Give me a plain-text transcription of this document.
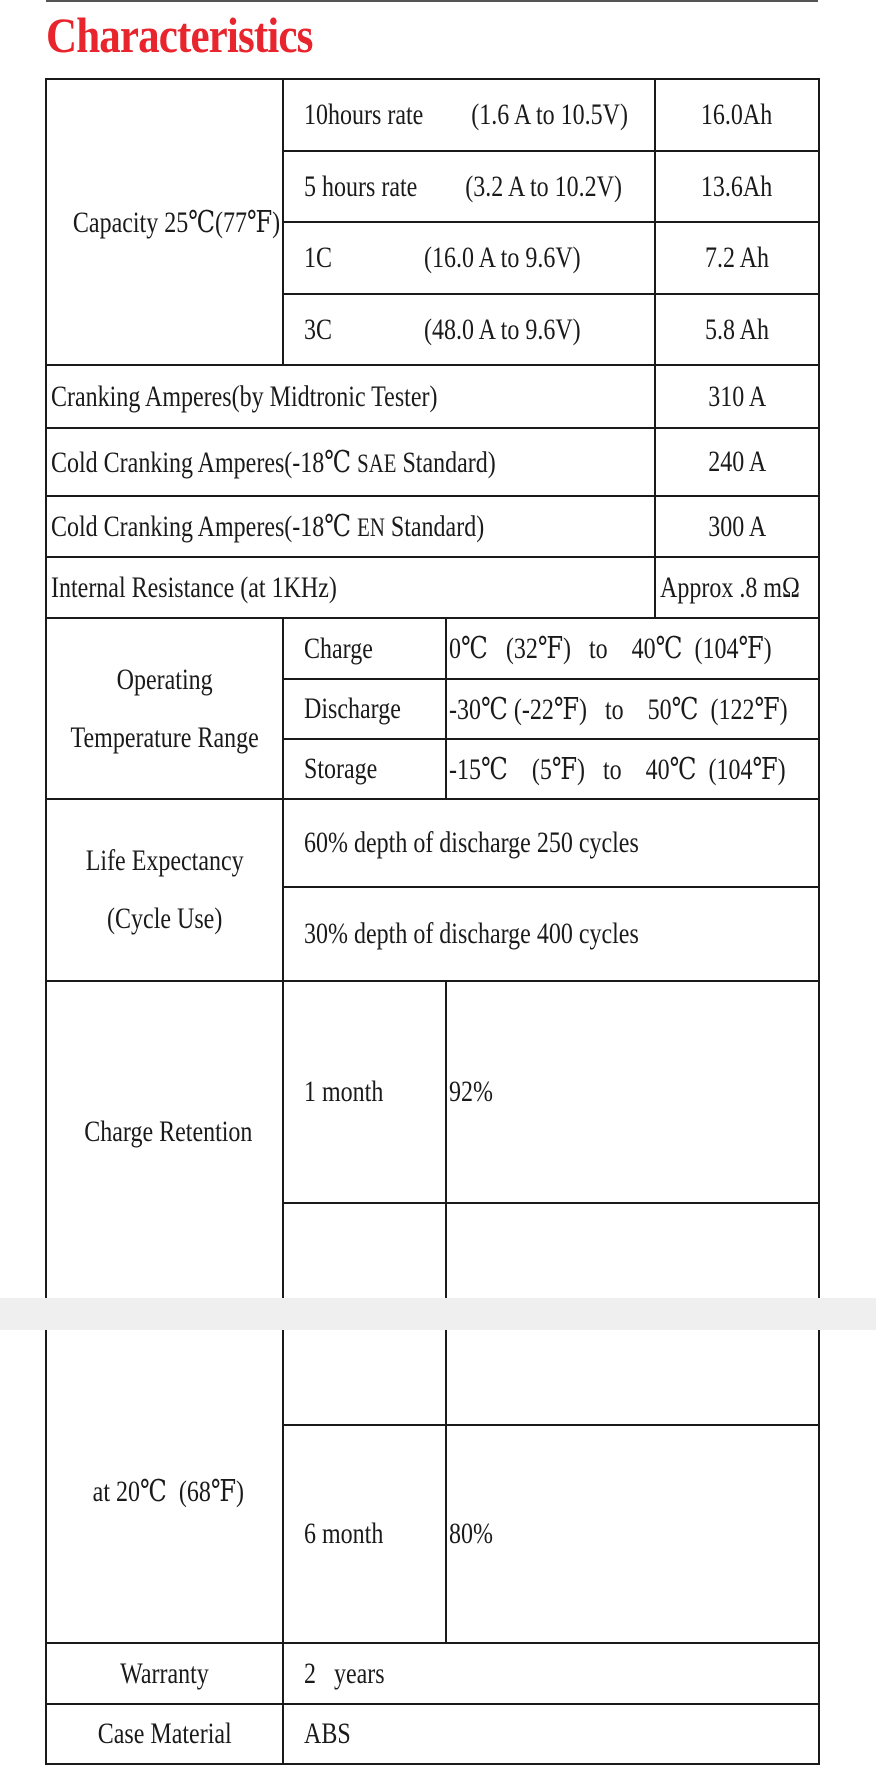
Characteristics
Capacity 25℃(77℉)	10hours rate (1.6 A to 10.5V)		16.0Ah
	5 hours rate (3.2 A to 10.2V)		13.6Ah
	1C (16.0 A to 9.6V)		7.2 Ah
	3C (48.0 A to 9.6V)		5.8 Ah
Cranking Amperes(by Midtronic Tester)			310 A
Cold Cranking Amperes(-18℃ SAE Standard)			240 A
Cold Cranking Amperes(-18℃ EN Standard)			300 A
Internal Resistance (at 1KHz)			Approx .8 mΩ

Operating
Temperature Range	Charge	0℃   (32℉)   to    40℃  (104℉)	
	Discharge	-30℃ (-22℉)   to    50℃  (122℉)	
	Storage	-15℃    (5℉)   to    40℃  (104℉)	

Life Expectancy
(Cycle Use)	60% depth of discharge 250 cycles		
	30% depth of discharge 400 cycles		

Charge Retention

at 20℃  (68℉)	1 month	92%	

	6 month	80%	
Warranty	2   years		
Case Material	ABS		
